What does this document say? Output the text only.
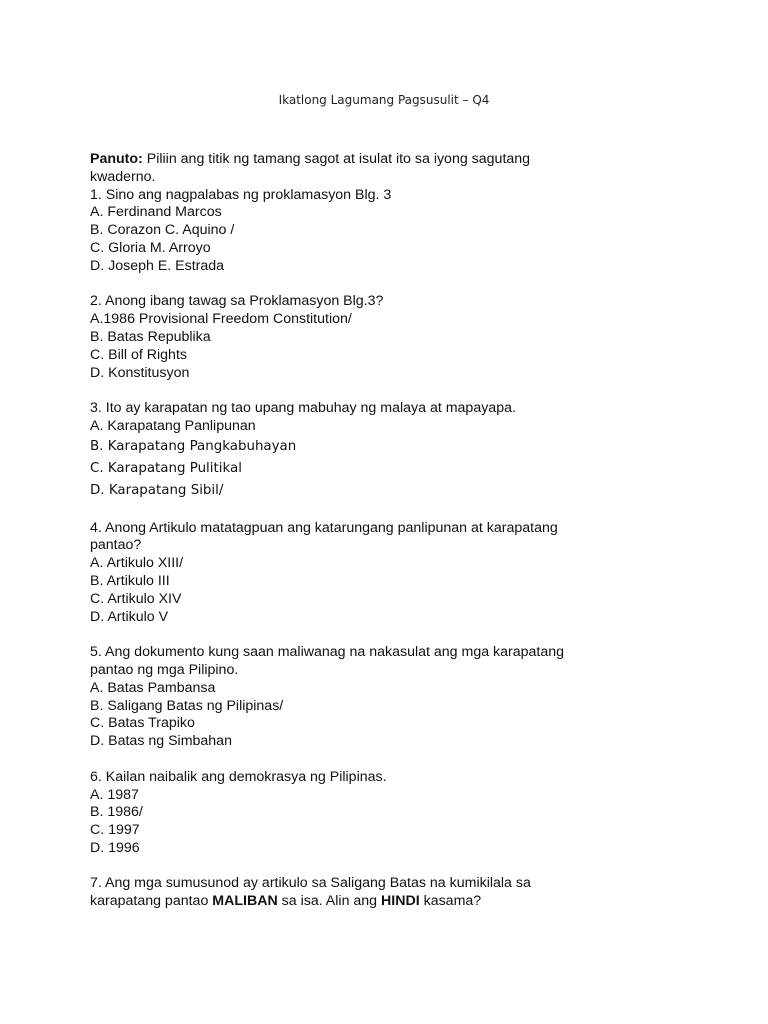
Ikatlong Lagumang Pagsusulit – Q4
Panuto: Piliin ang titik ng tamang sagot at isulat ito sa iyong sagutang
kwaderno.
1. Sino ang nagpalabas ng proklamasyon Blg. 3
A. Ferdinand Marcos
B. Corazon C. Aquino /
C. Gloria M. Arroyo
D. Joseph E. Estrada
2. Anong ibang tawag sa Proklamasyon Blg.3?
A.1986 Provisional Freedom Constitution/
B. Batas Republika
C. Bill of Rights
D. Konstitusyon
3. Ito ay karapatan ng tao upang mabuhay ng malaya at mapayapa.
A. Karapatang Panlipunan
B. Karapatang Pangkabuhayan
C. Karapatang Pulitikal
D. Karapatang Sibil/
4. Anong Artikulo matatagpuan ang katarungang panlipunan at karapatang
pantao?
A. Artikulo XIII/
B. Artikulo III
C. Artikulo XIV
D. Artikulo V
5. Ang dokumento kung saan maliwanag na nakasulat ang mga karapatang
pantao ng mga Pilipino.
A. Batas Pambansa
B. Saligang Batas ng Pilipinas/
C. Batas Trapiko
D. Batas ng Simbahan
6. Kailan naibalik ang demokrasya ng Pilipinas.
A. 1987
B. 1986/
C. 1997
D. 1996
7. Ang mga sumusunod ay artikulo sa Saligang Batas na kumikilala sa
karapatang pantao MALIBAN sa isa. Alin ang HINDI kasama?
